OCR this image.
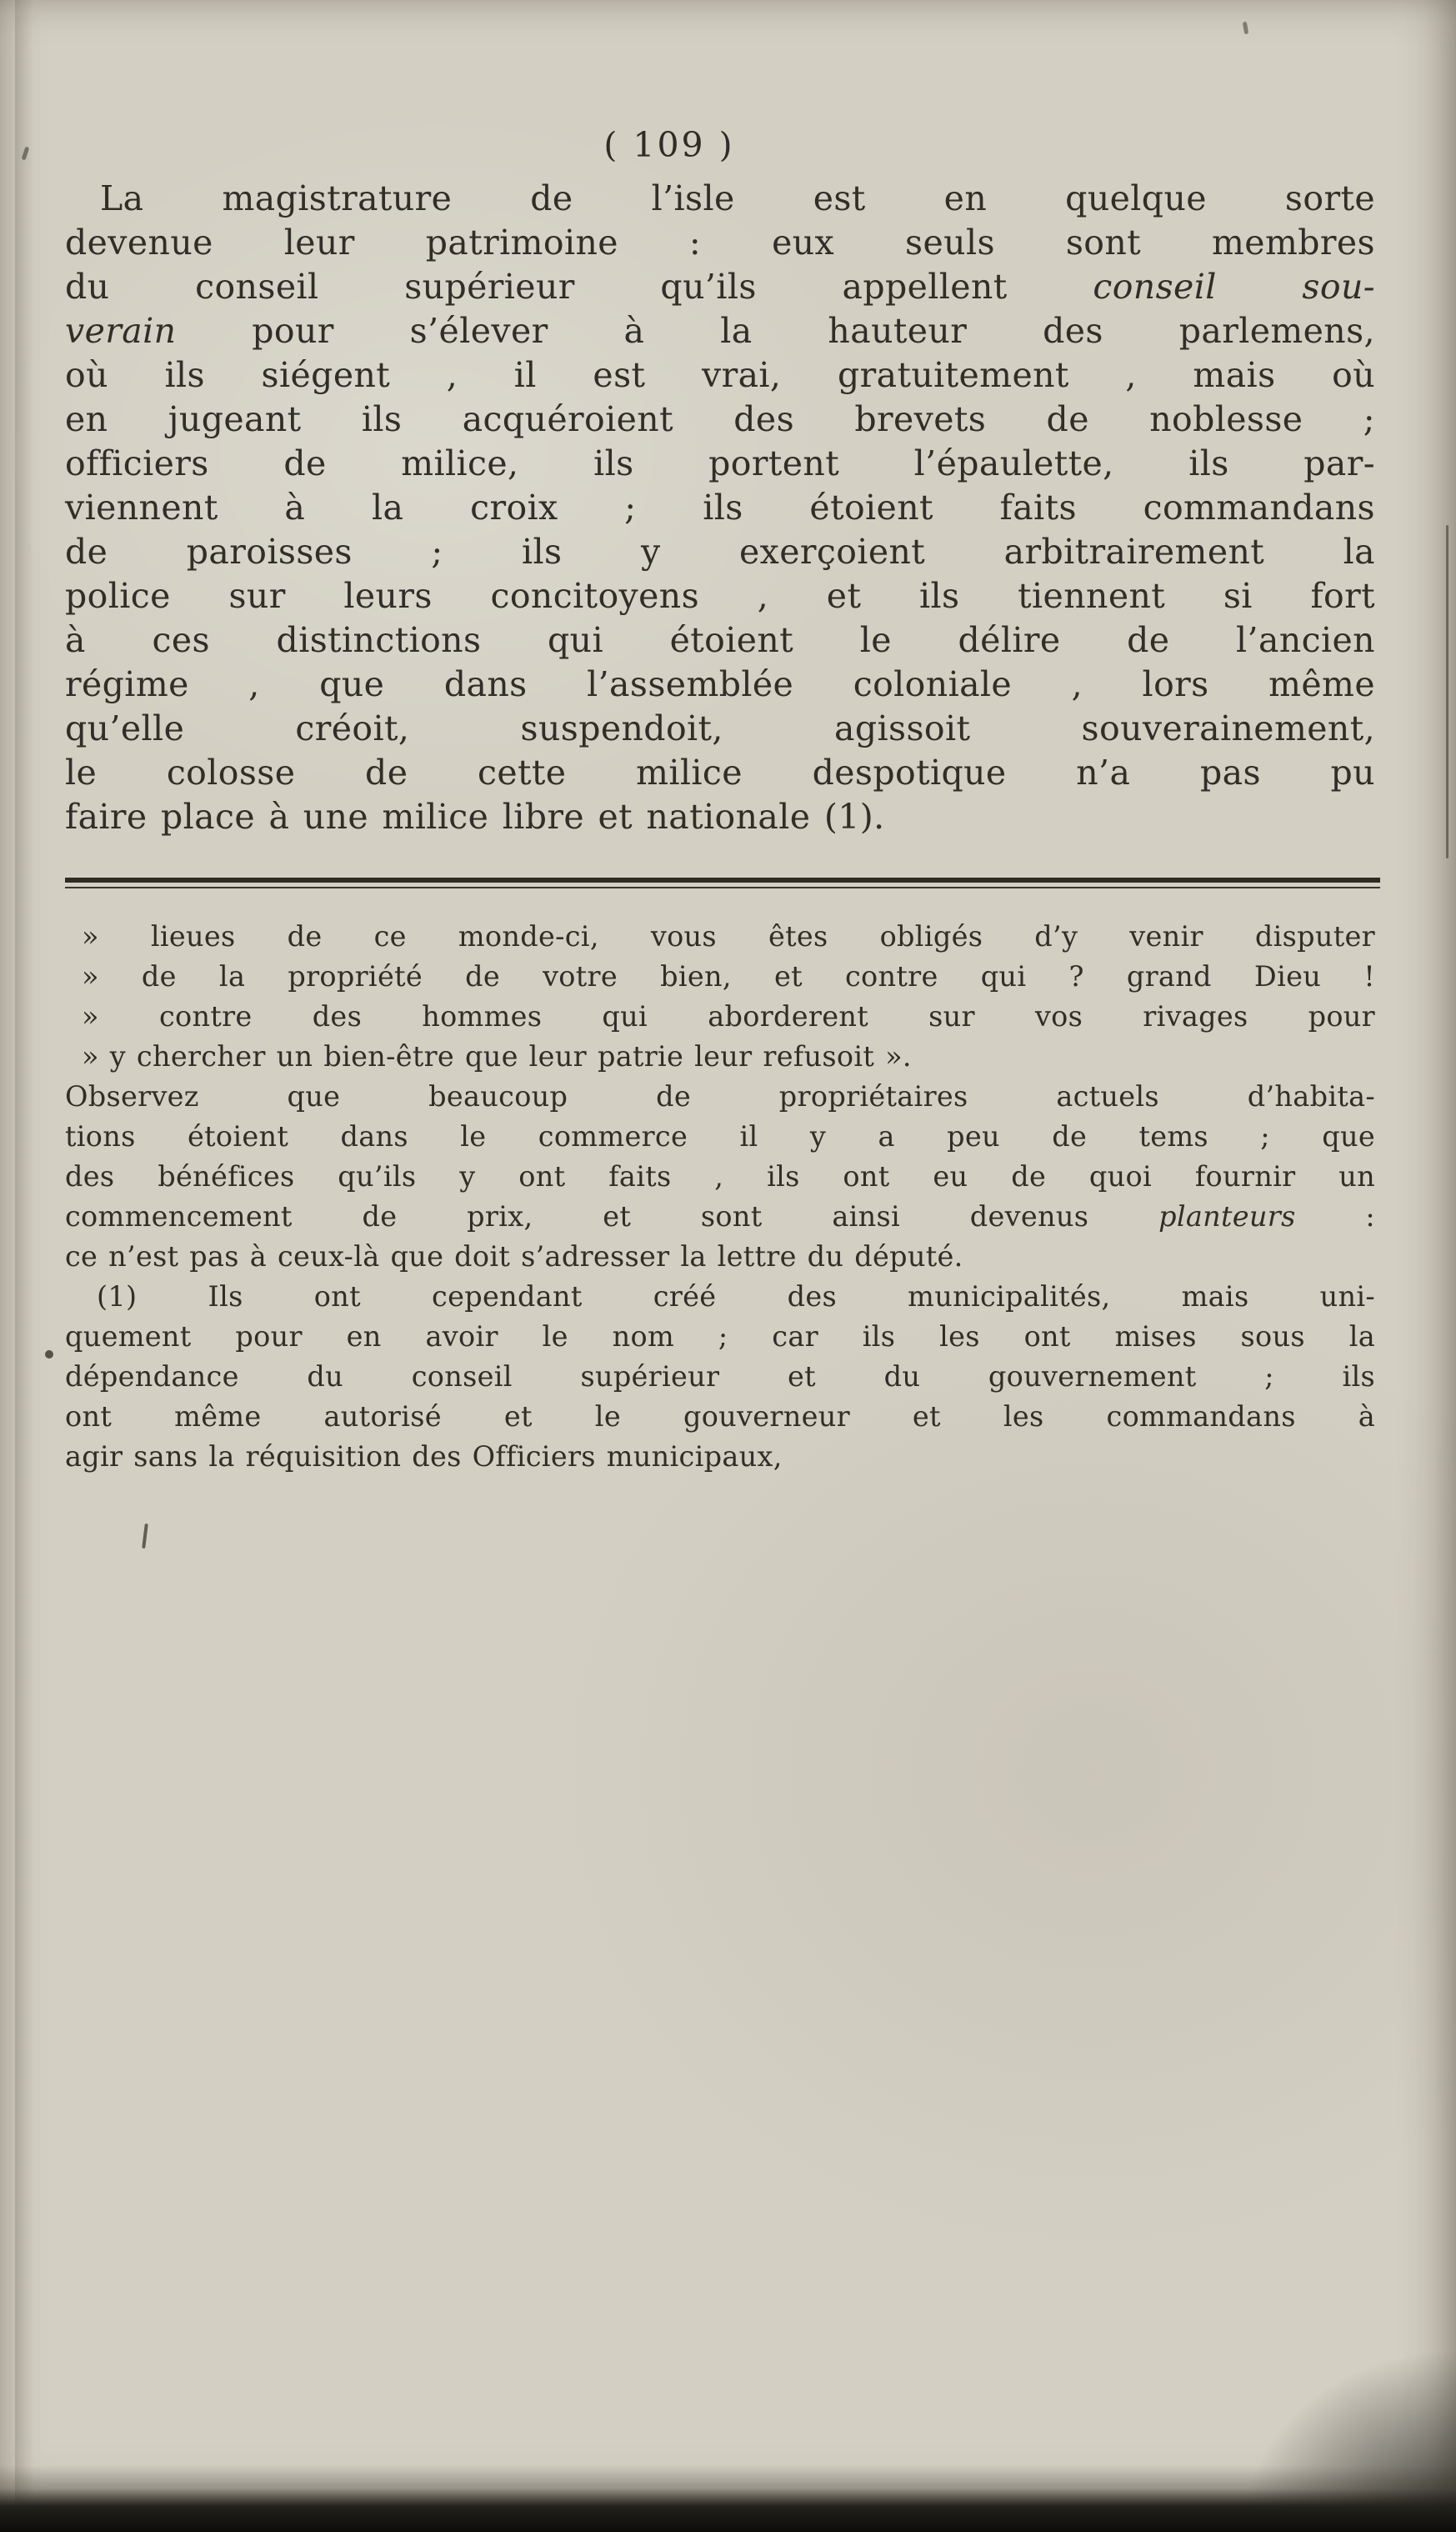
( 109 )
La magistrature de l’isle est en quelque sorte
devenue leur patrimoine : eux seuls sont membres
du conseil supérieur qu’ils appellent conseil sou-
verain pour s’élever à la hauteur des parlemens,
où ils siégent , il est vrai, gratuitement , mais où
en jugeant ils acquéroient des brevets de noblesse ;
officiers de milice, ils portent l’épaulette, ils par-
viennent à la croix ; ils étoient faits commandans
de paroisses ; ils y exerçoient arbitrairement la
police sur leurs concitoyens , et ils tiennent si fort
à ces distinctions qui étoient le délire de l’ancien
régime , que dans l’assemblée coloniale , lors même
qu’elle créoit, suspendoit, agissoit souverainement,
le colosse de cette milice despotique n’a pas pu
faire place à une milice libre et nationale (1).
» lieues de ce monde-ci, vous êtes obligés d’y venir disputer
» de la propriété de votre bien, et contre qui ? grand Dieu !
» contre des hommes qui aborderent sur vos rivages pour
» y chercher un bien-être que leur patrie leur refusoit ».
Observez que beaucoup de propriétaires actuels d’habita-
tions étoient dans le commerce il y a peu de tems ; que
des bénéfices qu’ils y ont faits , ils ont eu de quoi fournir un
commencement de prix, et sont ainsi devenus planteurs :
ce n’est pas à ceux-là que doit s’adresser la lettre du député.
(1) Ils ont cependant créé des municipalités, mais uni-
quement pour en avoir le nom ; car ils les ont mises sous la
dépendance du conseil supérieur et du gouvernement ; ils
ont même autorisé et le gouverneur et les commandans à
agir sans la réquisition des Officiers municipaux,
